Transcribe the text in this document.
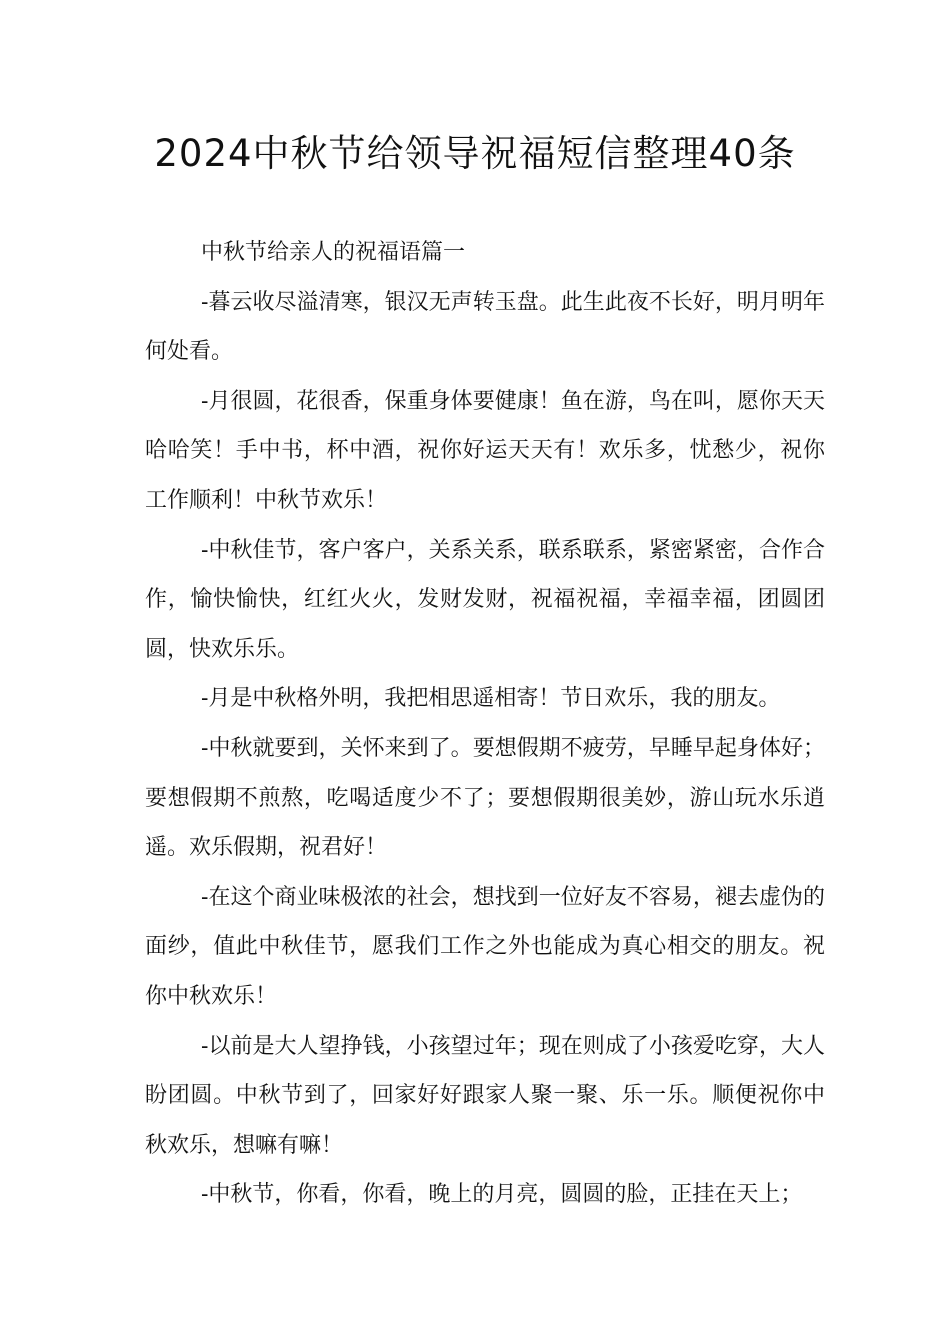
2024中秋节给领导祝福短信整理40条

中秋节给亲人的祝福语篇一

-暮云收尽溢清寒，银汉无声转玉盘。此生此夜不长好，明月明年何处看。

-月很圆，花很香，保重身体要健康！鱼在游，鸟在叫，愿你天天哈哈笑！手中书，杯中酒，祝你好运天天有！欢乐多，忧愁少，祝你工作顺利！中秋节欢乐！

-中秋佳节，客户客户，关系关系，联系联系，紧密紧密，合作合作，愉快愉快，红红火火，发财发财，祝福祝福，幸福幸福，团圆团圆，快欢乐乐。

-月是中秋格外明，我把相思遥相寄！节日欢乐，我的朋友。

-中秋就要到，关怀来到了。要想假期不疲劳，早睡早起身体好；要想假期不煎熬，吃喝适度少不了；要想假期很美妙，游山玩水乐逍遥。欢乐假期，祝君好！

-在这个商业味极浓的社会，想找到一位好友不容易，褪去虚伪的面纱，值此中秋佳节，愿我们工作之外也能成为真心相交的朋友。祝你中秋欢乐！

-以前是大人望挣钱，小孩望过年；现在则成了小孩爱吃穿，大人盼团圆。中秋节到了，回家好好跟家人聚一聚、乐一乐。顺便祝你中秋欢乐，想嘛有嘛！

-中秋节，你看，你看，晚上的月亮，圆圆的脸，正挂在天上；
